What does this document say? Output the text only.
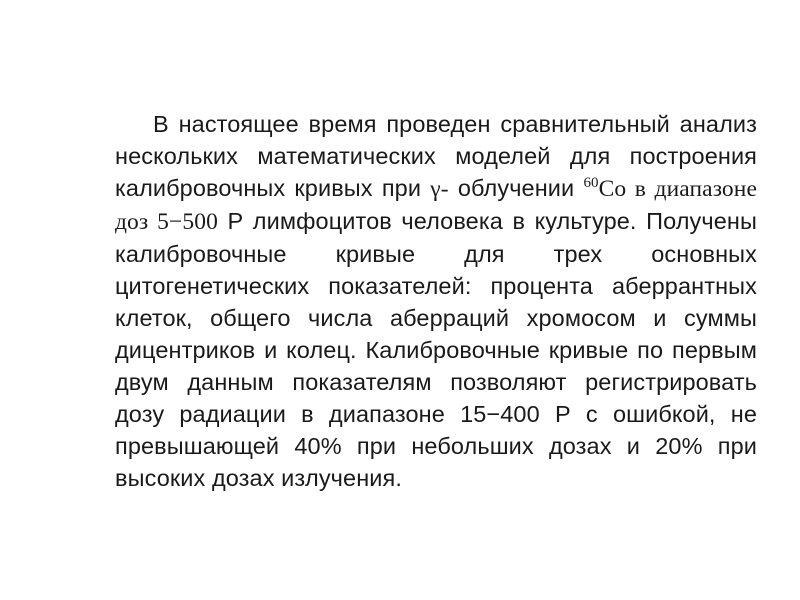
В настоящее время проведен сравнительный анализ нескольких математических моделей для построения калибровочных кривых при γ- облучении $^{60}$Co в диапазоне доз 5−500 Р лимфоцитов человека в культуре. Получены калибровочные кривые для трех основных цитогенетических показателей: процента аберрантных клеток, общего числа аберраций хромосом и суммы дицентриков и колец. Калибровочные кривые по первым двум данным показателям позволяют регистрировать дозу радиации в диапазоне 15−400 Р с ошибкой, не превышающей 40% при небольших дозах и 20% при высоких дозах излучения.
